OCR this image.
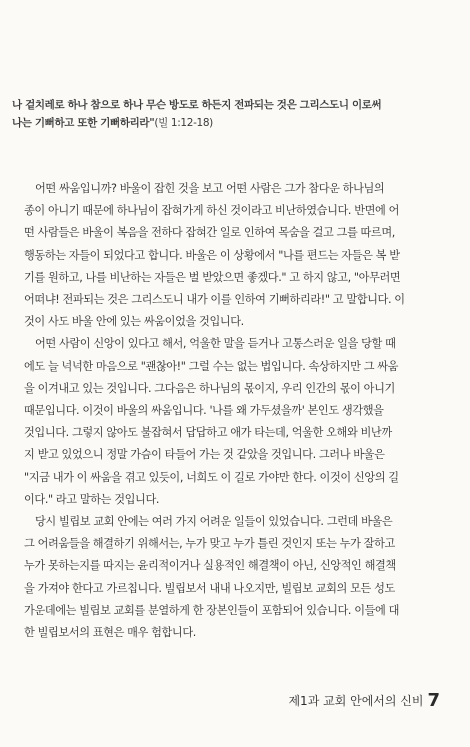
나 겉치레로 하나 참으로 하나 무슨 방도로 하든지 전파되는 것은 그리스도니 이로써
나는 기뻐하고 또한 기뻐하리라"(빌 1:12-18)
어떤 싸움입니까? 바울이 잡힌 것을 보고 어떤 사람은 그가 참다운 하나님의
종이 아니기 때문에 하나님이 잡혀가게 하신 것이라고 비난하였습니다. 반면에 어
떤 사람들은 바울이 복음을 전하다 잡혀간 일로 인하여 목숨을 걸고 그를 따르며,
행동하는 자들이 되었다고 합니다. 바울은 이 상황에서 "나를 편드는 자들은 복 받
기를 원하고, 나를 비난하는 자들은 벌 받았으면 좋겠다." 고 하지 않고, "아무러면
어떠냐! 전파되는 것은 그리스도니 내가 이를 인하여 기뻐하리라!" 고 말합니다. 이
것이 사도 바울 안에 있는 싸움이었을 것입니다.
어떤 사람이 신앙이 있다고 해서, 억울한 말을 듣거나 고통스러운 일을 당할 때
에도 늘 넉넉한 마음으로 "괜찮아!" 그럴 수는 없는 법입니다. 속상하지만 그 싸움
을 이겨내고 있는 것입니다. 그다음은 하나님의 몫이지, 우리 인간의 몫이 아니기
때문입니다. 이것이 바울의 싸움입니다. '나를 왜 가두셨을까' 본인도 생각했을
것입니다. 그렇지 않아도 불잡혀서 답답하고 애가 타는데, 억울한 오해와 비난까
지 받고 있었으니 정말 가슴이 타들어 가는 것 같았을 것입니다. 그러나 바울은
"지금 내가 이 싸움을 겪고 있듯이, 너희도 이 길로 가야만 한다. 이것이 신앙의 길
이다." 라고 말하는 것입니다.
당시 빌립보 교회 안에는 여러 가지 어려운 일들이 있었습니다. 그런데 바울은
그 어려움들을 해결하기 위해서는, 누가 맞고 누가 틀린 것인지 또는 누가 잘하고
누가 못하는지를 따지는 윤리적이거나 실용적인 해결책이 아닌, 신앙적인 해결책
을 가져야 한다고 가르칩니다. 빌립보서 내내 나오지만, 빌립보 교회의 모든 성도
가운데에는 빌립보 교회를 분열하게 한 장본인들이 포함되어 있습니다. 이들에 대
한 빌립보서의 표현은 매우 험합니다.
제1과 교회 안에서의 신비 7
